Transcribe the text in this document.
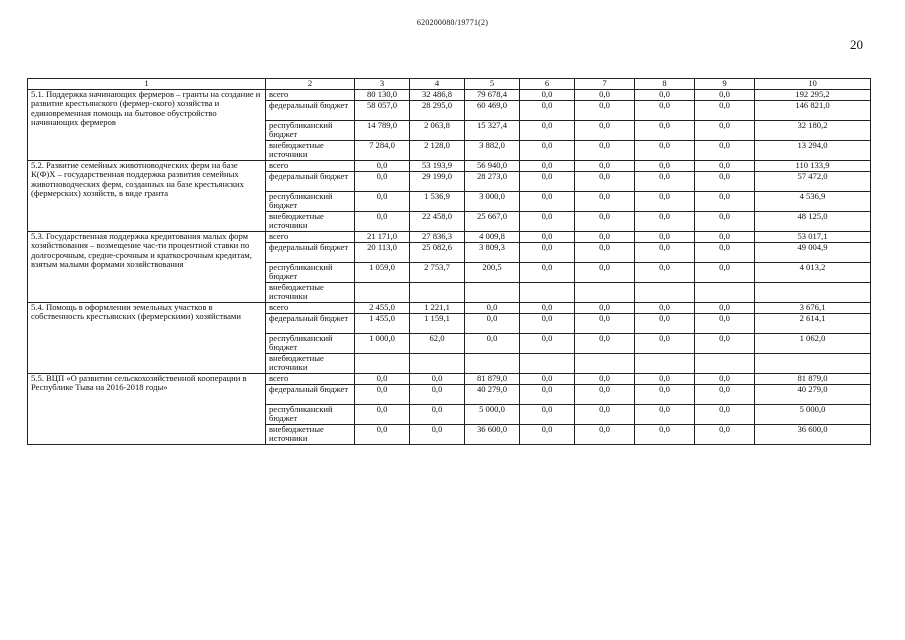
620200080/19771(2)
20
1	2	3	4	5	6	7	8	9	10
5.1. Поддержка начинающих фермеров – гранты на создание и развитие крестьянского (фермер-ского) хозяйства и единовременная помощь на бытовое обустройство начинающих фермеров	всего	80 130,0	32 486,8	79 678,4	0,0	0,0	0,0	0,0	192 295,2
	федеральный бюджет	58 057,0	28 295,0	60 469,0	0,0	0,0	0,0	0,0	146 821,0
	республиканский бюджет	14 789,0	2 063,8	15 327,4	0,0	0,0	0,0	0,0	32 180,2
	внебюджетные источники	7 284,0	2 128,0	3 882,0	0,0	0,0	0,0	0,0	13 294,0
5.2. Развитие семейных животноводческих ферм на базе К(Ф)Х – государственная поддержка развития семейных животноводческих ферм, созданных на базе крестьянских (фермерских) хозяйств, в виде гранта	всего	0,0	53 193,9	56 940,0	0,0	0,0	0,0	0,0	110 133,9
	федеральный бюджет	0,0	29 199,0	28 273,0	0,0	0,0	0,0	0,0	57 472,0
	республиканский бюджет	0,0	1 536,9	3 000,0	0,0	0,0	0,0	0,0	4 536,9
	внебюджетные источники	0,0	22 458,0	25 667,0	0,0	0,0	0,0	0,0	48 125,0
5.3. Государственная поддержка кредитования малых форм хозяйствования – возмещение час-ти процентной ставки по долгосрочным, средне-срочным и краткосрочным кредитам, взятым малыми формами хозяйствования	всего	21 171,0	27 836,3	4 009,8	0,0	0,0	0,0	0,0	53 017,1
	федеральный бюджет	20 113,0	25 082,6	3 809,3	0,0	0,0	0,0	0,0	49 004,9
	республиканский бюджет	1 059,0	2 753,7	200,5	0,0	0,0	0,0	0,0	4 013,2
	внебюджетные источники								
5.4. Помощь в оформлении земельных участков в собственность крестьянских (фермерскими) хозяйствами	всего	2 455,0	1 221,1	0,0	0,0	0,0	0,0	0,0	3 676,1
	федеральный бюджет	1 455,0	1 159,1	0,0	0,0	0,0	0,0	0,0	2 614,1
	республиканский бюджет	1 000,0	62,0	0,0	0,0	0,0	0,0	0,0	1 062,0
	внебюджетные источники								
5.5. ВЦП «О развитии сельскохозяйственной кооперации в Республике Тыва на 2016-2018 годы»	всего	0,0	0,0	81 879,0	0,0	0,0	0,0	0,0	81 879,0
	федеральный бюджет	0,0	0,0	40 279,0	0,0	0,0	0,0	0,0	40 279,0
	республиканский бюджет	0,0	0,0	5 000,0	0,0	0,0	0,0	0,0	5 000,0
	внебюджетные источники	0,0	0,0	36 600,0	0,0	0,0	0,0	0,0	36 600,0
